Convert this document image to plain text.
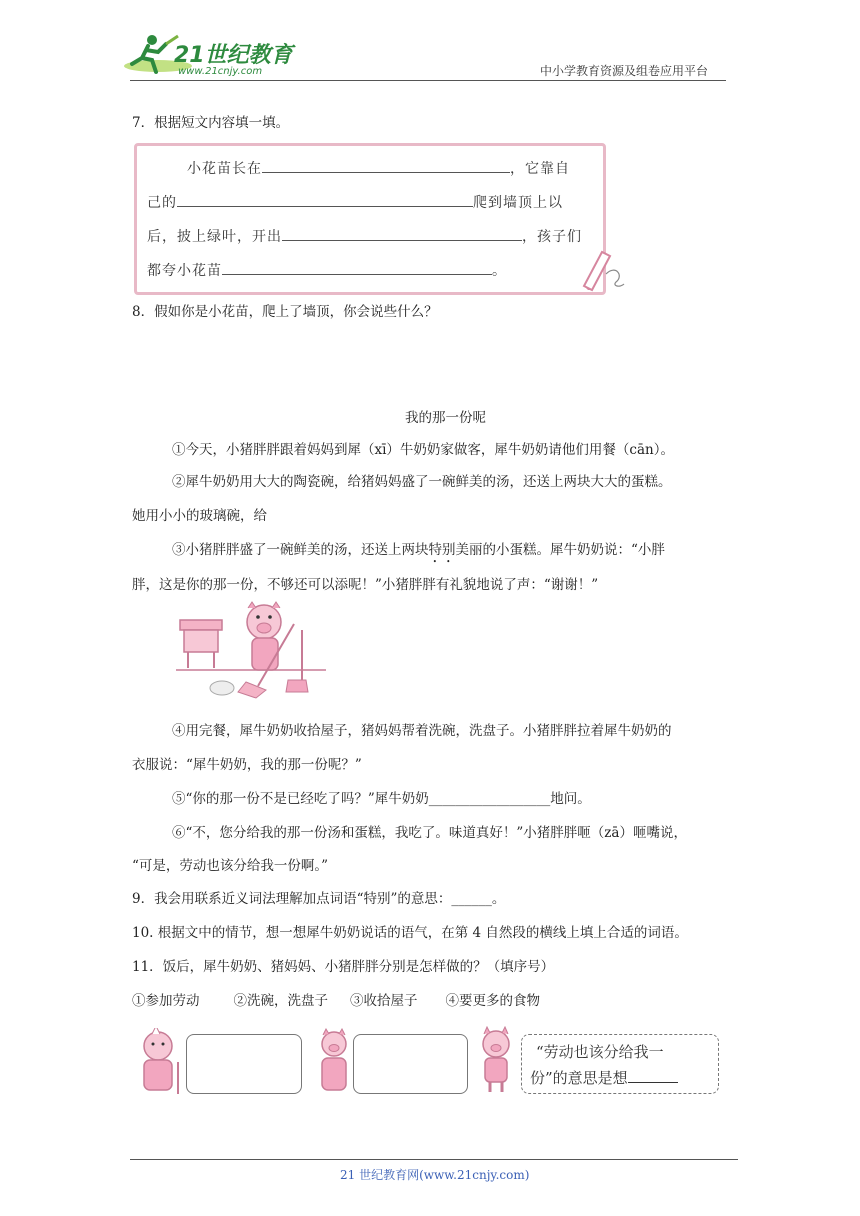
21世纪教育
www.21cnjy.com	中小学教育资源及组卷应用平台
7．根据短文内容填一填。
小花苗长在	，它靠自
己的	爬到墙顶上以
后，披上绿叶，开出	，孩子们
都夸小花苗	。
8．假如你是小花苗，爬上了墙顶，你会说些什么？
我的那一份呢
①今天，小猪胖胖跟着妈妈到犀（xī）牛奶奶家做客，犀牛奶奶请他们用餐（cān）。
②犀牛奶奶用大大的陶瓷碗，给猪妈妈盛了一碗鲜美的汤，还送上两块大大的蛋糕。
她用小小的玻璃碗，给
③小猪胖胖盛了一碗鲜美的汤，还送上两块特别美丽的小蛋糕。犀牛奶奶说：“小胖
胖，这是你的那一份，不够还可以添呢！”小猪胖胖有礼貌地说了声：“谢谢！”
④用完餐，犀牛奶奶收拾屋子，猪妈妈帮着洗碗，洗盘子。小猪胖胖拉着犀牛奶奶的
衣服说：“犀牛奶奶，我的那一份呢？”
⑤“你的那一份不是已经吃了吗？”犀牛奶奶__________________地问。
⑥“不，您分给我的那一份汤和蛋糕，我吃了。味道真好！”小猪胖胖咂（zā）咂嘴说，
“可是，劳动也该分给我一份啊。”
9．我会用联系近义词法理解加点词语“特别”的意思：______。
10. 根据文中的情节，想一想犀牛奶奶说话的语气，在第 4 自然段的横线上填上合适的词语。
11．饭后，犀牛奶奶、猪妈妈、小猪胖胖分别是怎样做的？（填序号）
①参加劳动	②洗碗，洗盘子 ③收拾屋子 ④要更多的食物
“劳动也该分给我一
份”的意思是想
21 世纪教育网(www.21cnjy.com)
